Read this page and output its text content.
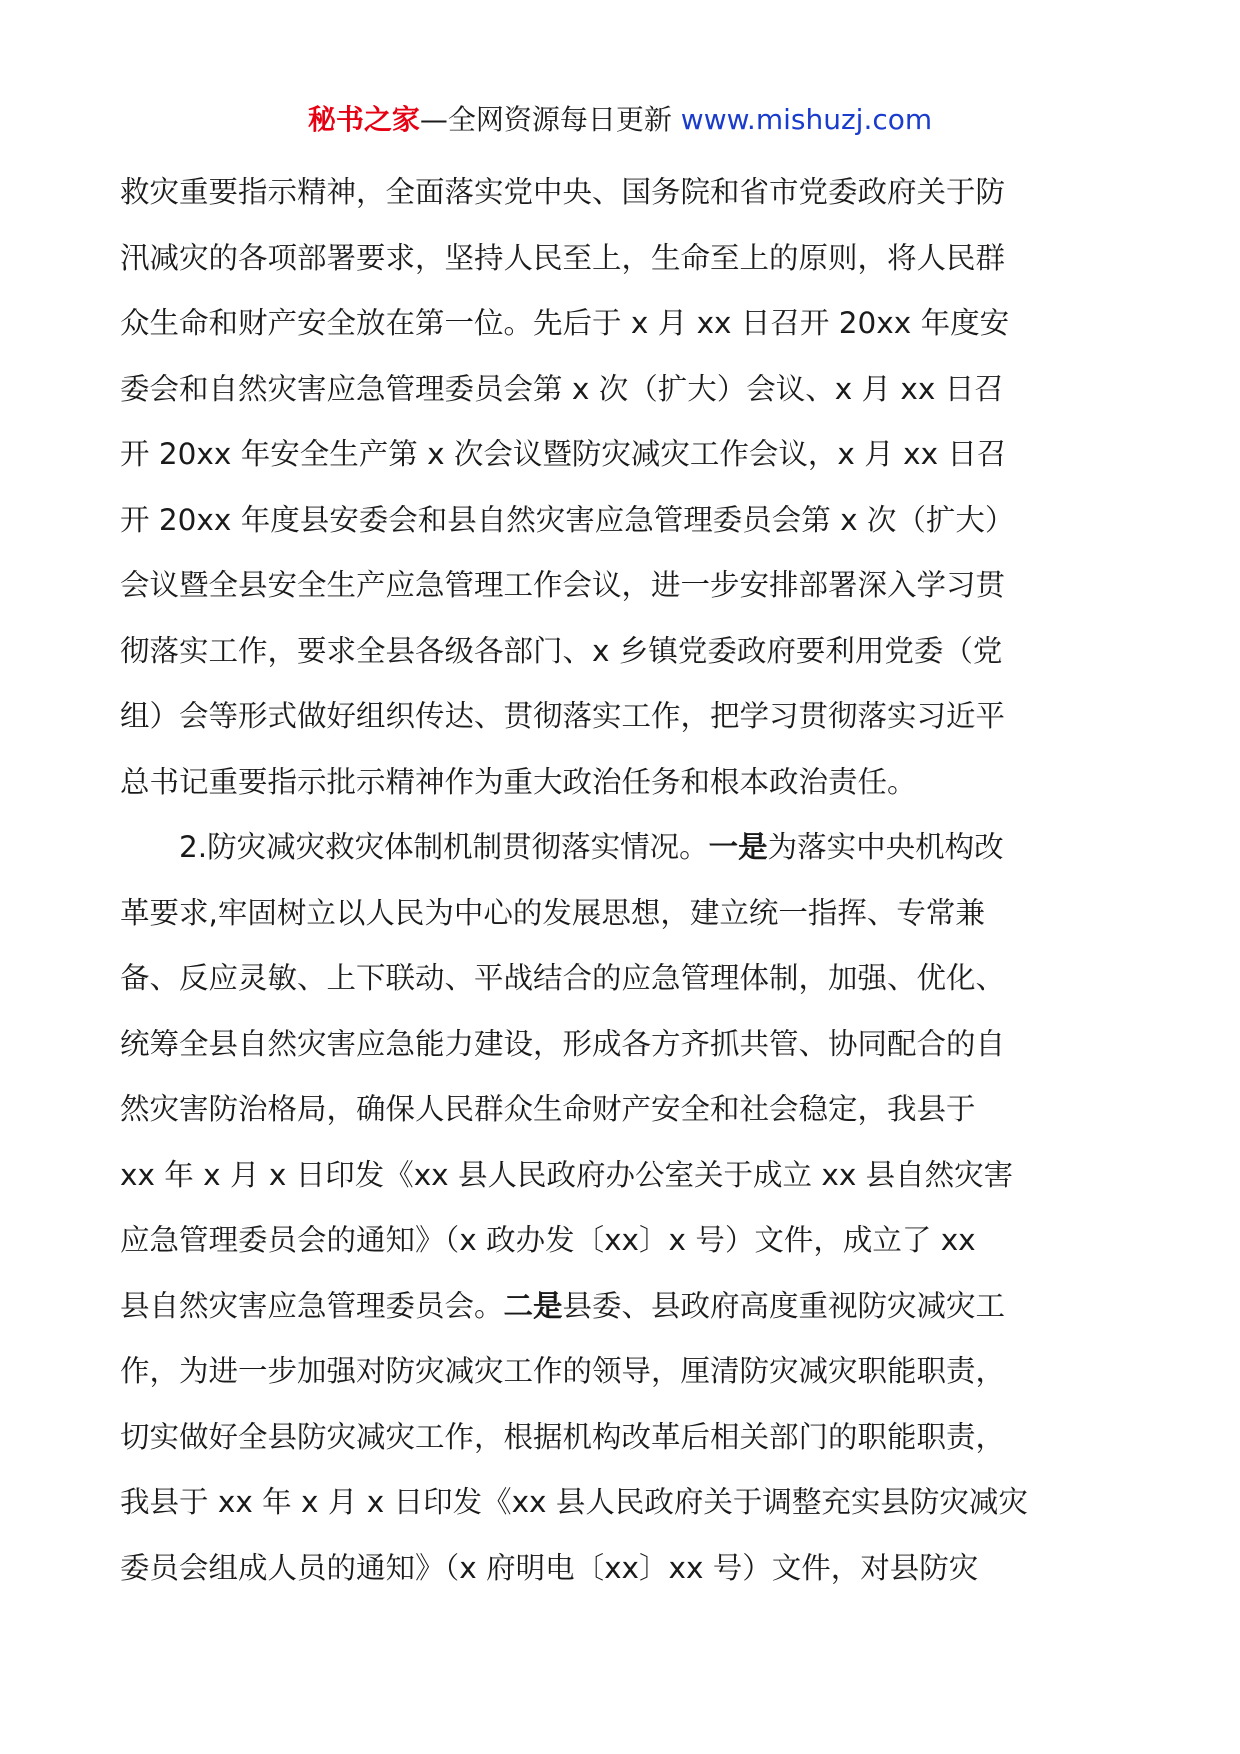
秘书之家—全网资源每日更新 www.mishuzj.com
救灾重要指示精神，全面落实党中央、国务院和省市党委政府关于防
汛减灾的各项部署要求，坚持人民至上，生命至上的原则，将人民群
众生命和财产安全放在第一位。先后于 x 月 xx 日召开 20xx 年度安
委会和自然灾害应急管理委员会第 x 次（扩大）会议、x 月 xx 日召
开 20xx 年安全生产第 x 次会议暨防灾减灾工作会议，x 月 xx 日召
开 20xx 年度县安委会和县自然灾害应急管理委员会第 x 次（扩大）
会议暨全县安全生产应急管理工作会议，进一步安排部署深入学习贯
彻落实工作，要求全县各级各部门、x 乡镇党委政府要利用党委（党
组）会等形式做好组织传达、贯彻落实工作，把学习贯彻落实习近平
总书记重要指示批示精神作为重大政治任务和根本政治责任。
2.防灾减灾救灾体制机制贯彻落实情况。一是为落实中央机构改
革要求,牢固树立以人民为中心的发展思想，建立统一指挥、专常兼
备、反应灵敏、上下联动、平战结合的应急管理体制，加强、优化、
统筹全县自然灾害应急能力建设，形成各方齐抓共管、协同配合的自
然灾害防治格局，确保人民群众生命财产安全和社会稳定，我县于
xx 年 x 月 x 日印发《xx 县人民政府办公室关于成立 xx 县自然灾害
应急管理委员会的通知》（x 政办发〔xx〕x 号）文件，成立了 xx
县自然灾害应急管理委员会。二是县委、县政府高度重视防灾减灾工
作，为进一步加强对防灾减灾工作的领导，厘清防灾减灾职能职责，
切实做好全县防灾减灾工作，根据机构改革后相关部门的职能职责，
我县于 xx 年 x 月 x 日印发《xx 县人民政府关于调整充实县防灾减灾
委员会组成人员的通知》（x 府明电〔xx〕xx 号）文件，对县防灾
